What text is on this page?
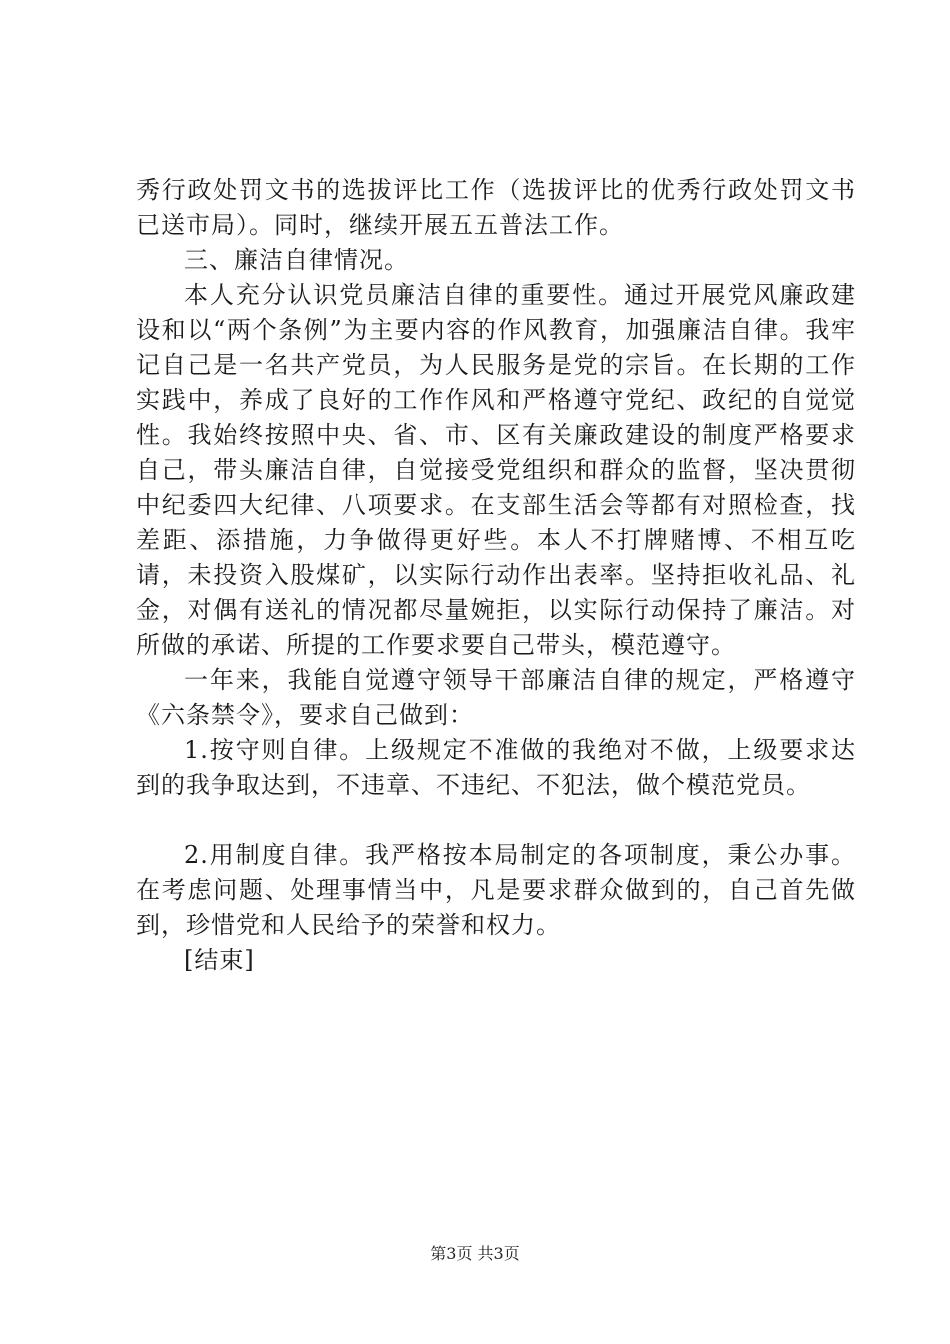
秀行政处罚文书的选拔评比工作（选拔评比的优秀行政处罚文书已送市局）。同时，继续开展五五普法工作。

三、廉洁自律情况。

本人充分认识党员廉洁自律的重要性。通过开展党风廉政建设和以“两个条例”为主要内容的作风教育，加强廉洁自律。我牢记自己是一名共产党员，为人民服务是党的宗旨。在长期的工作实践中，养成了良好的工作作风和严格遵守党纪、政纪的自觉觉性。我始终按照中央、省、市、区有关廉政建设的制度严格要求自己，带头廉洁自律，自觉接受党组织和群众的监督，坚决贯彻中纪委四大纪律、八项要求。在支部生活会等都有对照检查，找差距、添措施，力争做得更好些。本人不打牌赌博、不相互吃请，未投资入股煤矿，以实际行动作出表率。坚持拒收礼品、礼金，对偶有送礼的情况都尽量婉拒，以实际行动保持了廉洁。对所做的承诺、所提的工作要求要自己带头，模范遵守。

一年来，我能自觉遵守领导干部廉洁自律的规定，严格遵守《六条禁令》，要求自己做到：

1.按守则自律。上级规定不准做的我绝对不做，上级要求达到的我争取达到，不违章、不违纪、不犯法，做个模范党员。

2.用制度自律。我严格按本局制定的各项制度，秉公办事。在考虑问题、处理事情当中，凡是要求群众做到的，自己首先做到，珍惜党和人民给予的荣誉和权力。

[结束]

第3页 共3页
